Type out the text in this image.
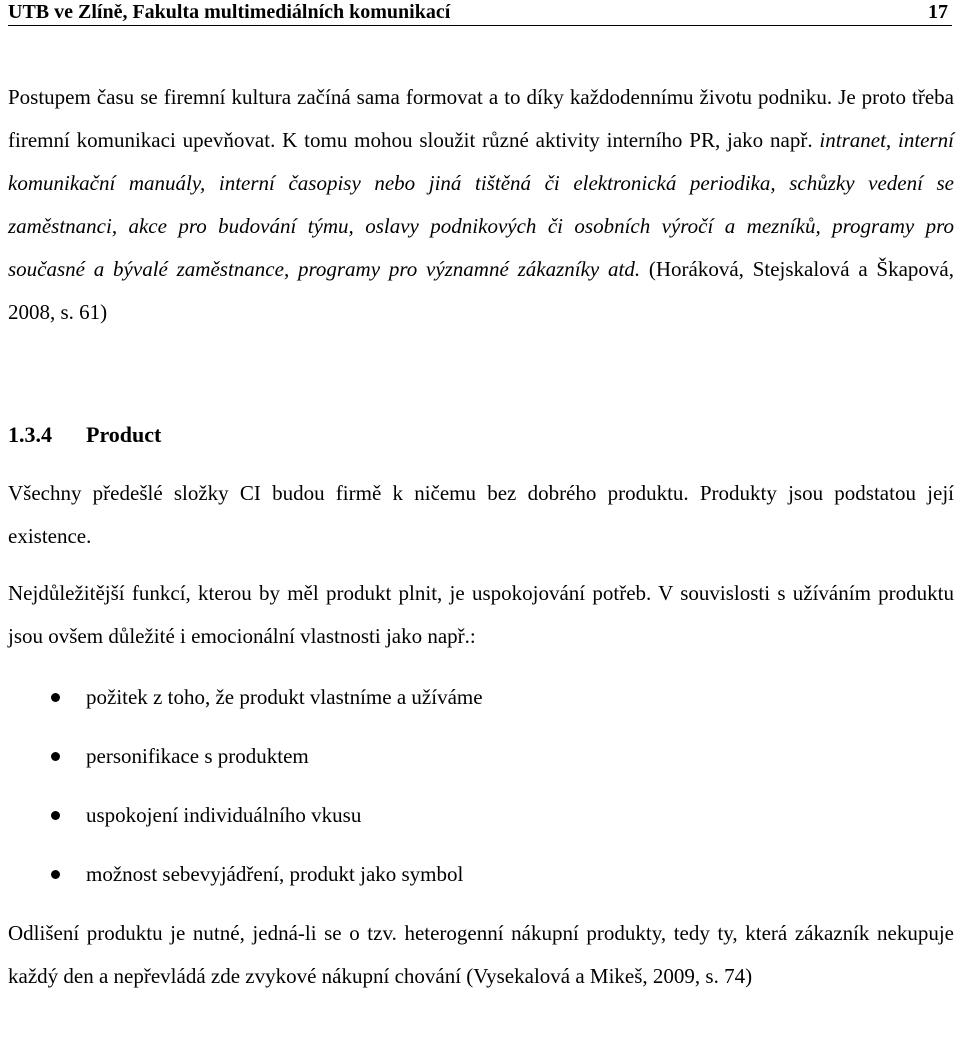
UTB ve Zlíně, Fakulta multimediálních komunikací	17

Postupem času se firemní kultura začíná sama formovat a to díky každodennímu životu podniku. Je proto třeba firemní komunikaci upevňovat. K tomu mohou sloužit různé aktivity interního PR, jako např. intranet, interní komunikační manuály, interní časopisy nebo jiná tištěná či elektronická periodika, schůzky vedení se zaměstnanci, akce pro budování týmu, oslavy podnikových či osobních výročí a mezníků, programy pro současné a bývalé zaměstnance, programy pro významné zákazníky atd. (Horáková, Stejskalová a Škapová, 2008, s. 61)

1.3.4 Product

Všechny předešlé složky CI budou firmě k ničemu bez dobrého produktu. Produkty jsou podstatou její existence.

Nejdůležitější funkcí, kterou by měl produkt plnit, je uspokojování potřeb. V souvislosti s užíváním produktu jsou ovšem důležité i emocionální vlastnosti jako např.:

požitek z toho, že produkt vlastníme a užíváme
personifikace s produktem
uspokojení individuálního vkusu
možnost sebevyjádření, produkt jako symbol

Odlišení produktu je nutné, jedná-li se o tzv. heterogenní nákupní produkty, tedy ty, která zákazník nekupuje každý den a nepřevládá zde zvykové nákupní chování (Vysekalová a Mikeš, 2009, s. 74)
